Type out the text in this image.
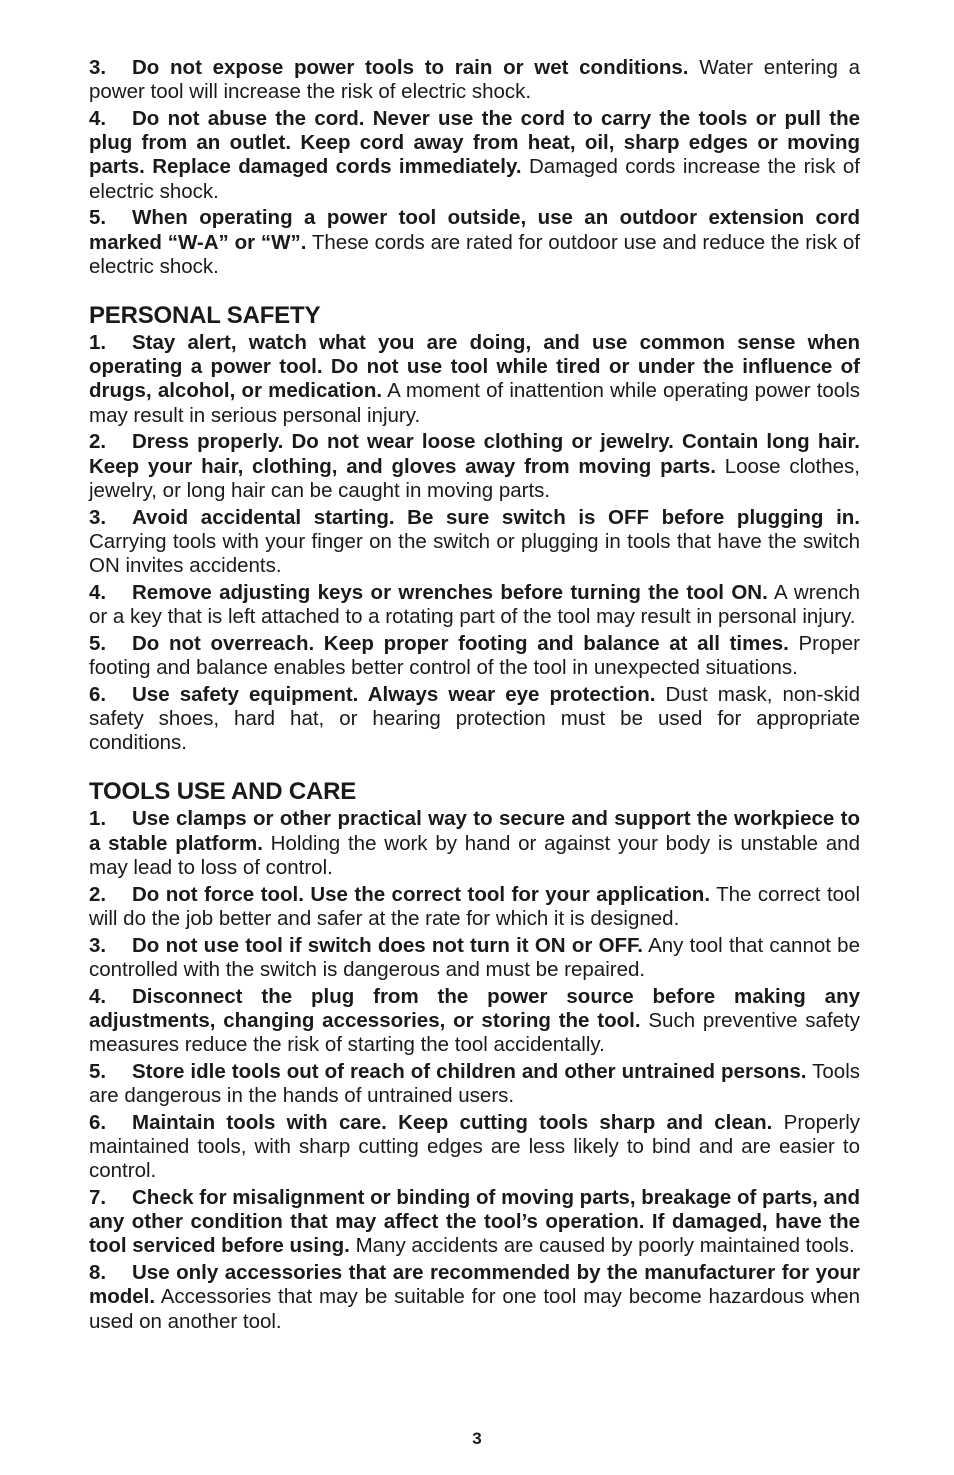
3. Do not expose power tools to rain or wet conditions. Water entering a power tool will increase the risk of electric shock.

4. Do not abuse the cord. Never use the cord to carry the tools or pull the plug from an outlet. Keep cord away from heat, oil, sharp edges or moving parts. Replace damaged cords immediately. Damaged cords increase the risk of electric shock.

5. When operating a power tool outside, use an outdoor extension cord marked “W-A” or “W”. These cords are rated for outdoor use and reduce the risk of electric shock.

PERSONAL SAFETY

1. Stay alert, watch what you are doing, and use common sense when operating a power tool. Do not use tool while tired or under the influence of drugs, alcohol, or medication. A moment of inattention while operating power tools may result in serious personal injury.

2. Dress properly. Do not wear loose clothing or jewelry. Contain long hair. Keep your hair, clothing, and gloves away from moving parts. Loose clothes, jewelry, or long hair can be caught in moving parts.

3. Avoid accidental starting. Be sure switch is OFF before plugging in. Carrying tools with your finger on the switch or plugging in tools that have the switch ON invites accidents.

4. Remove adjusting keys or wrenches before turning the tool ON. A wrench or a key that is left attached to a rotating part of the tool may result in personal injury.

5. Do not overreach. Keep proper footing and balance at all times. Proper footing and balance enables better control of the tool in unexpected situations.

6. Use safety equipment. Always wear eye protection. Dust mask, non-skid safety shoes, hard hat, or hearing protection must be used for appropriate conditions.

TOOLS USE AND CARE

1. Use clamps or other practical way to secure and support the workpiece to a stable platform. Holding the work by hand or against your body is unstable and may lead to loss of control.

2. Do not force tool. Use the correct tool for your application. The correct tool will do the job better and safer at the rate for which it is designed.

3. Do not use tool if switch does not turn it ON or OFF. Any tool that cannot be controlled with the switch is dangerous and must be repaired.

4. Disconnect the plug from the power source before making any adjustments, changing accessories, or storing the tool. Such preventive safety measures reduce the risk of starting the tool accidentally.

5. Store idle tools out of reach of children and other untrained persons. Tools are dangerous in the hands of untrained users.

6. Maintain tools with care. Keep cutting tools sharp and clean. Properly maintained tools, with sharp cutting edges are less likely to bind and are easier to control.

7. Check for misalignment or binding of moving parts, breakage of parts, and any other condition that may affect the tool’s operation. If damaged, have the tool serviced before using. Many accidents are caused by poorly maintained tools.

8. Use only accessories that are recommended by the manufacturer for your model. Accessories that may be suitable for one tool may become hazardous when used on another tool.

3
